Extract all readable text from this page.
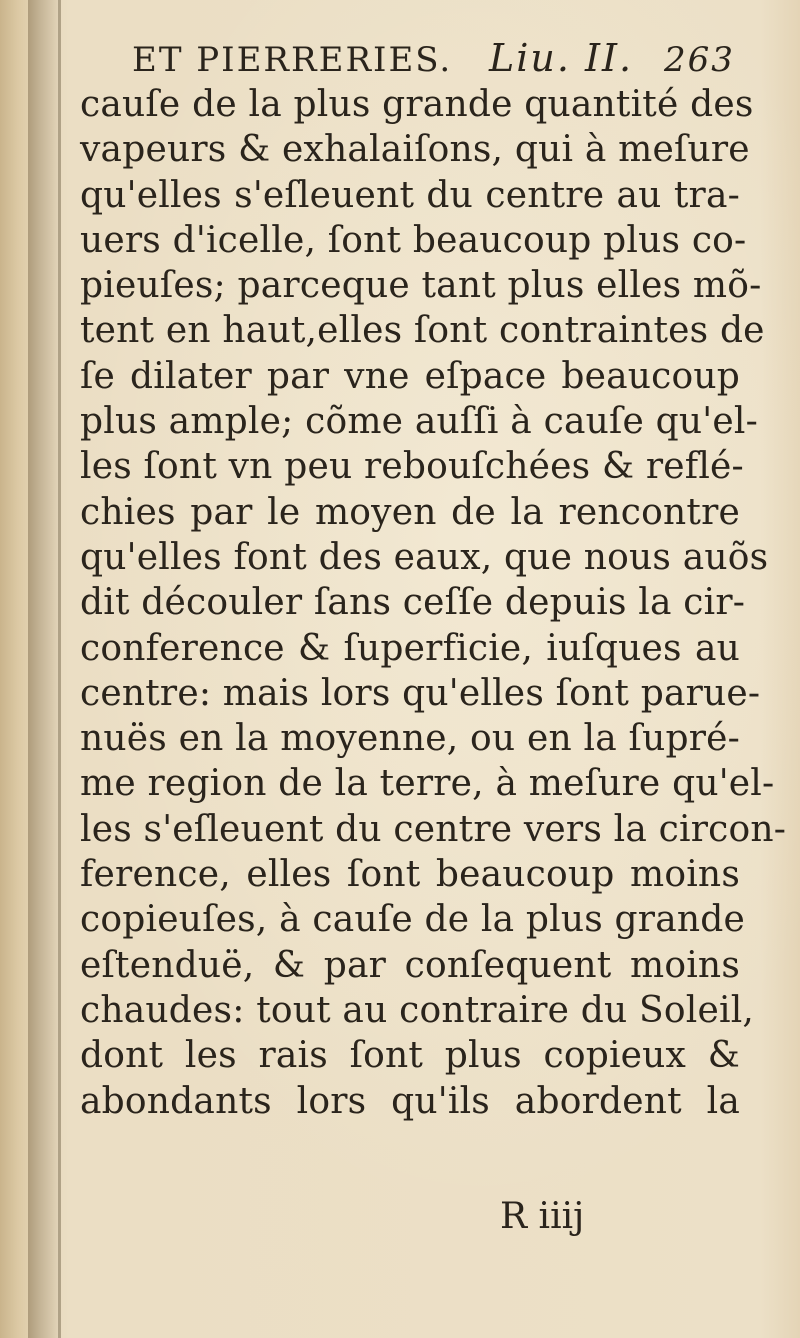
ET PIERRERIES. Liu. II. 263
cauſe de la plus grande quantité des
vapeurs & exhalaiſons, qui à meſure
qu'elles s'eſleuent du centre au tra-
uers d'icelle, ſont beaucoup plus co-
pieuſes; parceque tant plus elles mõ-
tent en haut,elles ſont contraintes de
ſe dilater par vne eſpace beaucoup
plus ample; cõme auſſi à cauſe qu'el-
les ſont vn peu rebouſchées & reflé-
chies par le moyen de la rencontre
qu'elles font des eaux, que nous auõs
dit découler ſans ceſſe depuis la cir-
conference & ſuperficie, iuſques au
centre: mais lors qu'elles ſont parue-
nuës en la moyenne, ou en la ſupré-
me region de la terre, à meſure qu'el-
les s'eſleuent du centre vers la circon-
ference, elles ſont beaucoup moins
copieuſes, à cauſe de la plus grande
eſtenduë, & par conſequent moins
chaudes: tout au contraire du Soleil,
dont les rais ſont plus copieux &
abondants lors qu'ils abordent la
R iiij
